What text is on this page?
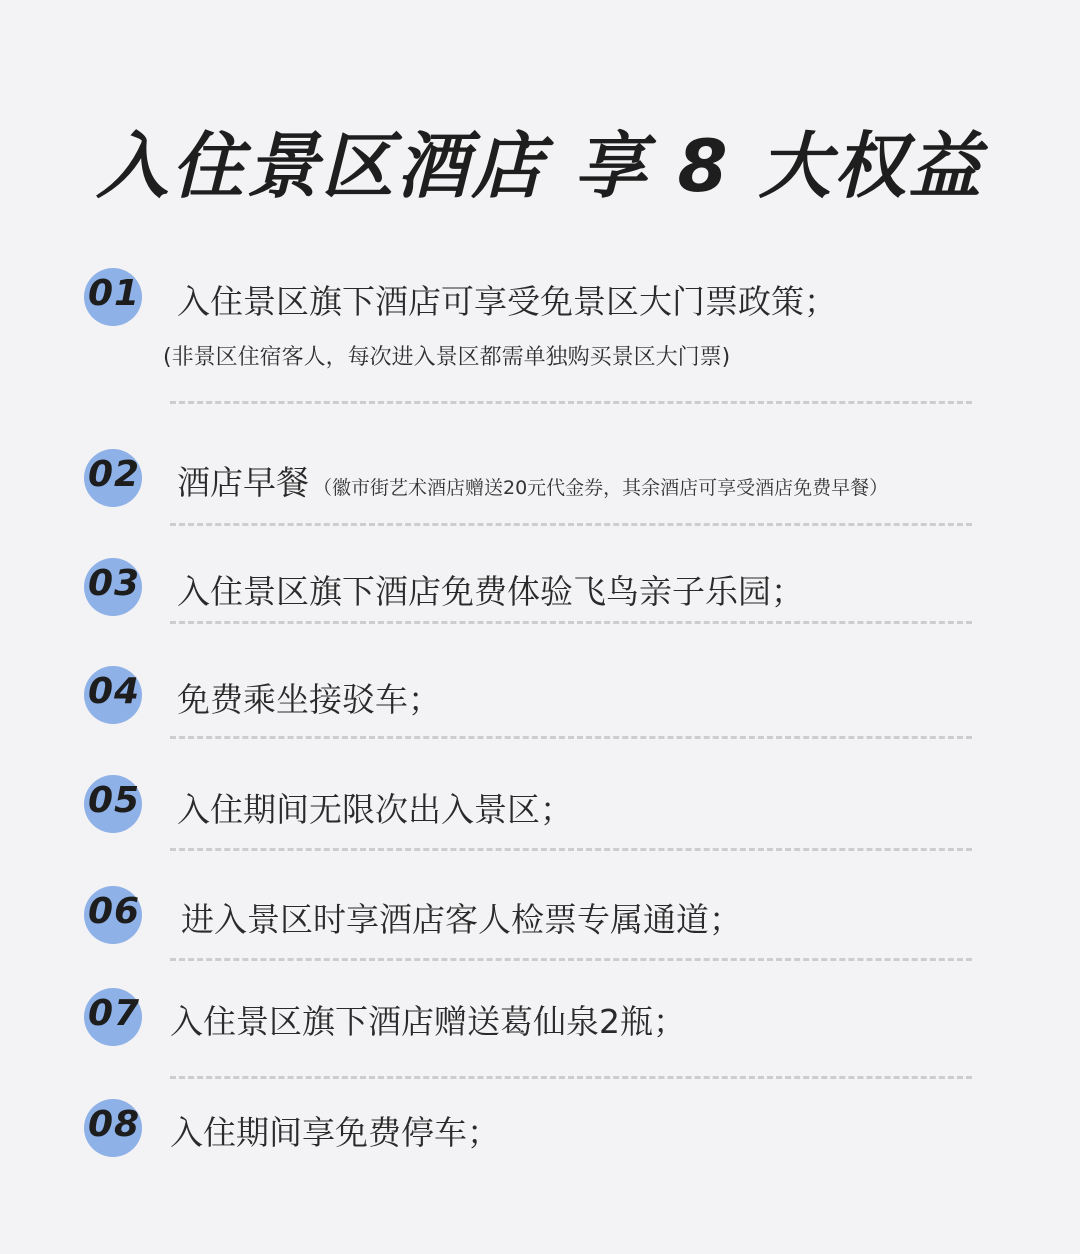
入住景区酒店 享 8 大权益
01 入住景区旗下酒店可享受免景区大门票政策；
(非景区住宿客人，每次进入景区都需单独购买景区大门票)
02 酒店早餐 （徽市街艺术酒店赠送20元代金券，其余酒店可享受酒店免费早餐）
03 入住景区旗下酒店免费体验飞鸟亲子乐园；
04 免费乘坐接驳车；
05 入住期间无限次出入景区；
06 进入景区时享酒店客人检票专属通道；
07 入住景区旗下酒店赠送葛仙泉2瓶；
08 入住期间享免费停车；
